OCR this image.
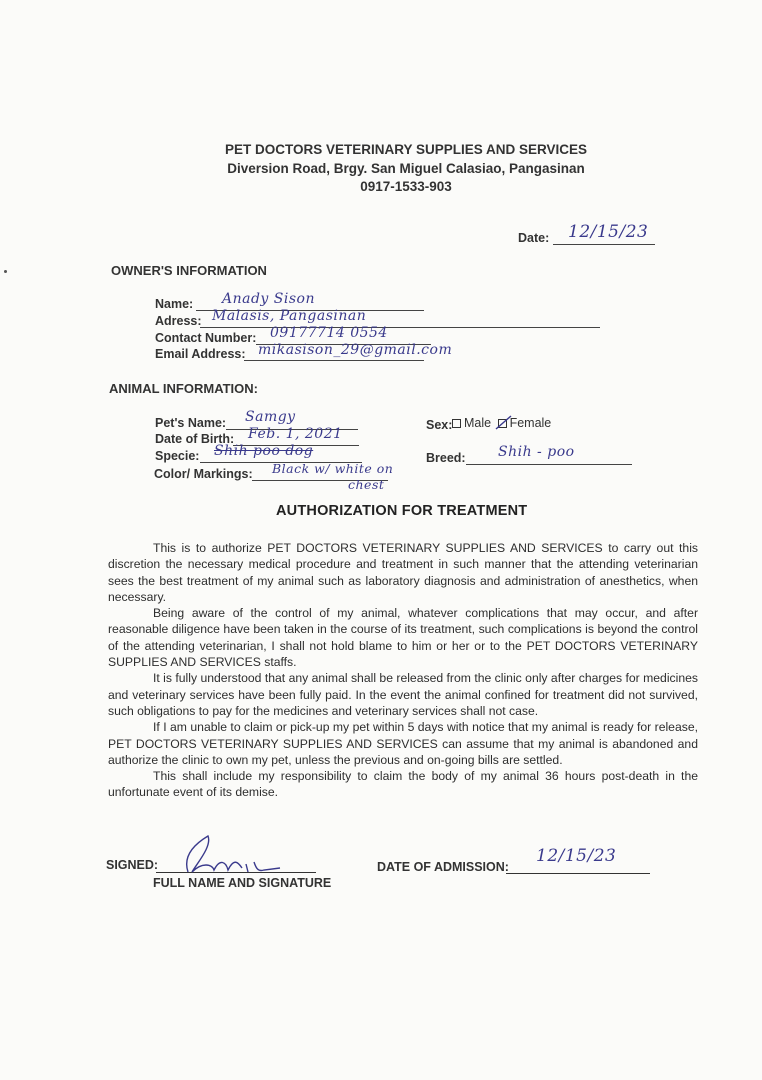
PET DOCTORS VETERINARY SUPPLIES AND SERVICES
Diversion Road, Brgy. San Miguel Calasiao, Pangasinan
0917-1533-903
Date: 12/15/23
OWNER'S INFORMATION
Name: Anady Sison
Adress: Malasis, Pangasinan
Contact Number: 09177714 0554
Email Address: mikasison_29@gmail.com
ANIMAL INFORMATION:
Pet's Name: Samgy
Date of Birth: Feb. 1, 2021
Specie: Shih poo dog
Color/ Markings: Black w/ white on
chest
Sex: Male Female
Breed: Shih - poo
AUTHORIZATION FOR TREATMENT

This is to authorize PET DOCTORS VETERINARY SUPPLIES AND SERVICES to carry out this discretion the necessary medical procedure and treatment in such manner that the attending veterinarian sees the best treatment of my animal such as laboratory diagnosis and administration of anesthetics, when necessary.

Being aware of the control of my animal, whatever complications that may occur, and after reasonable diligence have been taken in the course of its treatment, such complications is beyond the control of the attending veterinarian, I shall not hold blame to him or her or to the PET DOCTORS VETERINARY SUPPLIES AND SERVICES staffs.

It is fully understood that any animal shall be released from the clinic only after charges for medicines and veterinary services have been fully paid. In the event the animal confined for treatment did not survived, such obligations to pay for the medicines and veterinary services shall not case.

If I am unable to claim or pick-up my pet within 5 days with notice that my animal is ready for release, PET DOCTORS VETERINARY SUPPLIES AND SERVICES can assume that my animal is abandoned and authorize the clinic to own my pet, unless the previous and on-going bills are settled.

This shall include my responsibility to claim the body of my animal 36 hours post-death in the unfortunate event of its demise.

SIGNED:
FULL NAME AND SIGNATURE
DATE OF ADMISSION:
12/15/23
